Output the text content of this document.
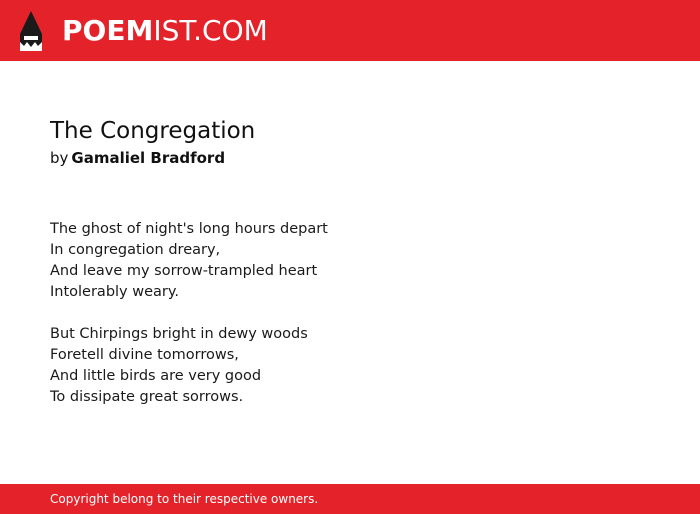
POEMIST.COM
The Congregation
by Gamaliel Bradford
The ghost of night's long hours depart
In congregation dreary,
And leave my sorrow-trampled heart
Intolerably weary.
But Chirpings bright in dewy woods
Foretell divine tomorrows,
And little birds are very good
To dissipate great sorrows.
Copyright belong to their respective owners.
